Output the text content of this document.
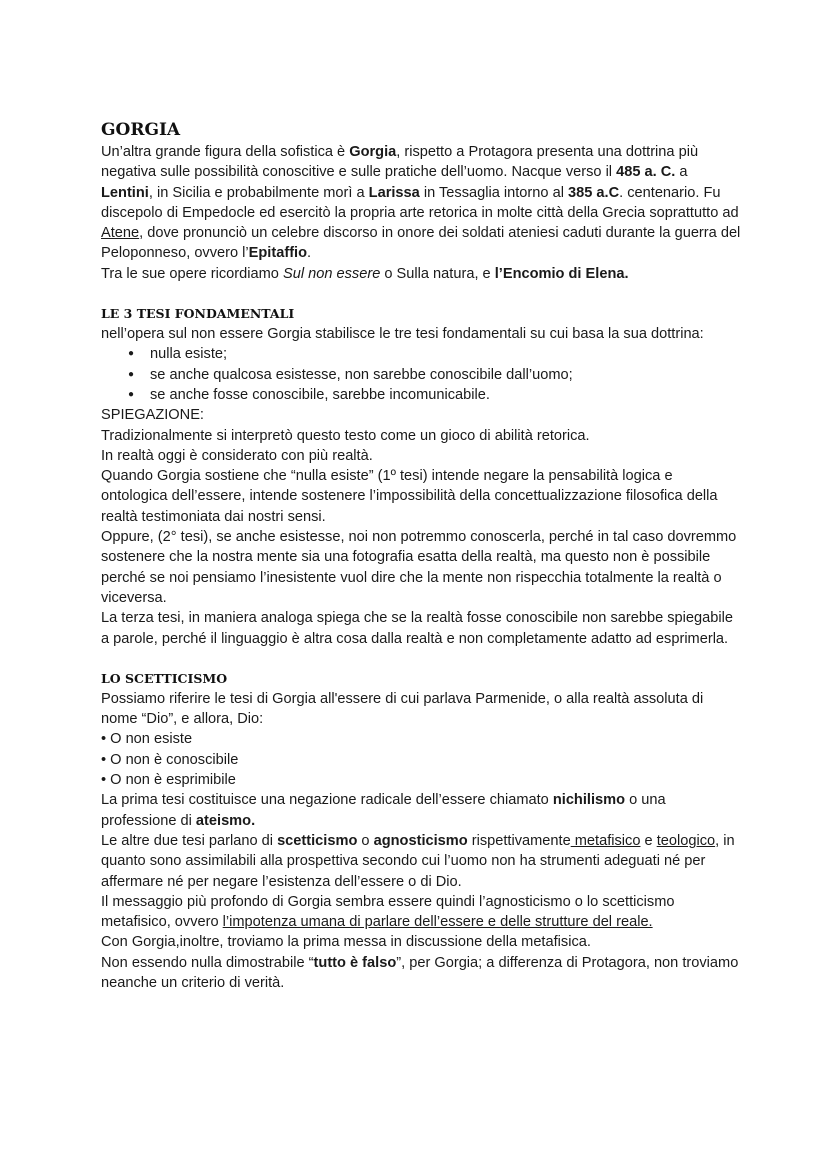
GORGIA

Un’altra grande figura della sofistica è Gorgia, rispetto a Protagora presenta una dottrina più negativa sulle possibilità conoscitive e sulle pratiche dell’uomo. Nacque verso il 485 a. C. a Lentini, in Sicilia e probabilmente morì a Larissa in Tessaglia intorno al 385 a.C. centenario. Fu discepolo di Empedocle ed esercitò la propria arte retorica in molte città della Grecia soprattutto ad Atene, dove pronunciò un celebre discorso in onore dei soldati ateniesi caduti durante la guerra del Peloponneso, ovvero l’Epitaffio.

Tra le sue opere ricordiamo Sul non essere o Sulla natura, e l’Encomio di Elena.

LE 3 TESI FONDAMENTALI

nell’opera sul non essere Gorgia stabilisce le tre tesi fondamentali su cui basa la sua dottrina:

● nulla esiste;
● se anche qualcosa esistesse, non sarebbe conoscibile dall’uomo;
● se anche fosse conoscibile, sarebbe incomunicabile.

SPIEGAZIONE:

Tradizionalmente si interpretò questo testo come un gioco di abilità retorica.

In realtà oggi è considerato con più realtà.

Quando Gorgia sostiene che “nulla esiste” (1º tesi) intende negare la pensabilità logica e ontologica dell’essere, intende sostenere l’impossibilità della concettualizzazione filosofica della realtà testimoniata dai nostri sensi.

Oppure, (2° tesi), se anche esistesse, noi non potremmo conoscerla, perché in tal caso dovremmo sostenere che la nostra mente sia una fotografia esatta della realtà, ma questo non è possibile perché se noi pensiamo l’inesistente vuol dire che la mente non rispecchia totalmente la realtà o viceversa.

La terza tesi, in maniera analoga spiega che se la realtà fosse conoscibile non sarebbe spiegabile a parole, perché il linguaggio è altra cosa dalla realtà e non completamente adatto ad esprimerla.

LO SCETTICISMO

Possiamo riferire le tesi di Gorgia all'essere di cui parlava Parmenide, o alla realtà assoluta di nome “Dio”, e allora, Dio:

• O non esiste

• O non è conoscibile

• O non è esprimibile

La prima tesi costituisce una negazione radicale dell’essere chiamato nichilismo o una professione di ateismo.

Le altre due tesi parlano di scetticismo o agnosticismo rispettivamente metafisico e teologico, in quanto sono assimilabili alla prospettiva secondo cui l’uomo non ha strumenti adeguati né per affermare né per negare l’esistenza dell’essere o di Dio.

Il messaggio più profondo di Gorgia sembra essere quindi l’agnosticismo o lo scetticismo metafisico, ovvero l’impotenza umana di parlare dell’essere e delle strutture del reale.

Con Gorgia,inoltre, troviamo la prima messa in discussione della metafisica.

Non essendo nulla dimostrabile “tutto è falso”, per Gorgia; a differenza di Protagora, non troviamo neanche un criterio di verità.
